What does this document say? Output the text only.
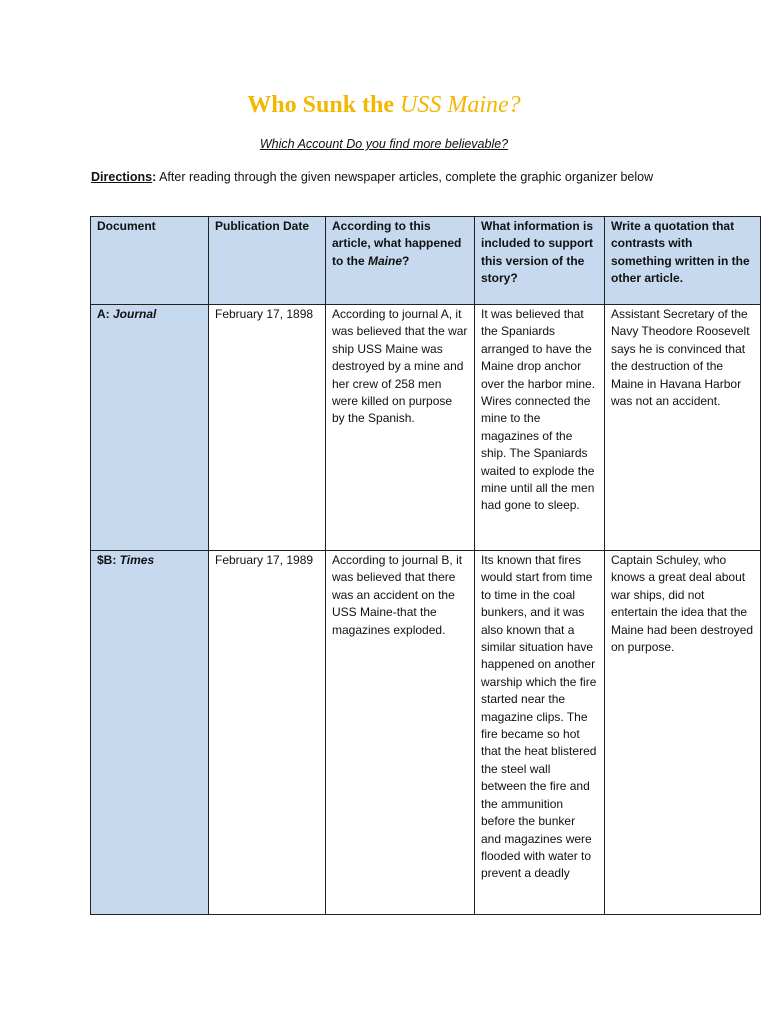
Who Sunk the USS Maine?
Which Account Do you find more believable?
Directions: After reading through the given newspaper articles, complete the graphic organizer below
Document	Publication Date	According to this article, what happened to the Maine?	What information is included to support this version of the story?	Write a quotation that contrasts with something written in the other article.
A: Journal	February 17, 1898	According to journal A, it was believed that the war ship USS Maine was destroyed by a mine and her crew of 258 men were killed on purpose by the Spanish.	It was believed that the Spaniards arranged to have the Maine drop anchor over the harbor mine. Wires connected the mine to the magazines of the ship. The Spaniards waited to explode the mine until all the men had gone to sleep.	Assistant Secretary of the Navy Theodore Roosevelt says he is convinced that the destruction of the Maine in Havana Harbor was not an accident.
$B: Times	February 17, 1989	According to journal B, it was believed that there was an accident on the USS Maine-that the magazines exploded.	Its known that fires would start from time to time in the coal bunkers, and it was also known that a similar situation have happened on another warship which the fire started near the magazine clips. The fire became so hot that the heat blistered the steel wall between the fire and the ammunition before the bunker and magazines were flooded with water to prevent a deadly	Captain Schuley, who knows a great deal about war ships, did not entertain the idea that the Maine had been destroyed on purpose.
